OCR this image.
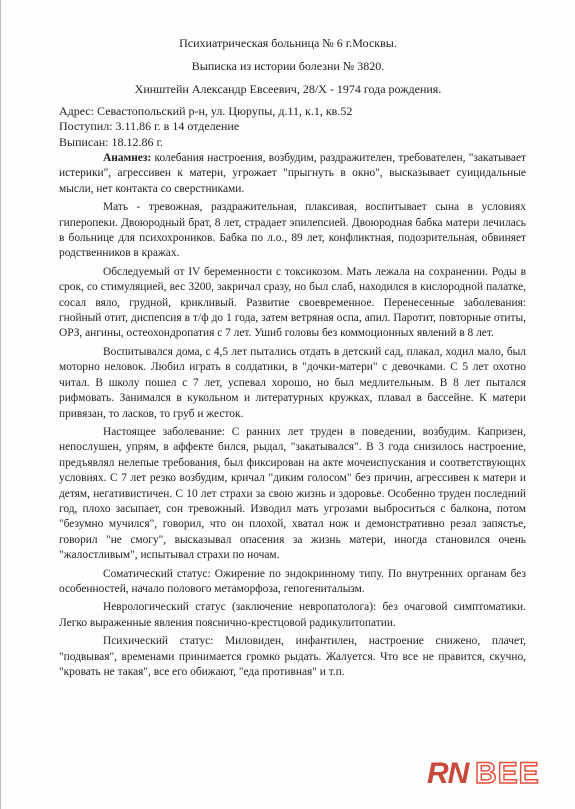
Психиатрическая больница № 6 г.Москвы.
Выписка из истории болезни № 3820.
Хинштейн Александр Евсеевич, 28/Х - 1974 года рождения.
Адрес: Севастопольский р-н, ул. Цюрупы, д.11, к.1, кв.52
Поступил: 3.11.86 г. в 14 отделение
Выписан: 18.12.86 г.

Анамнез: колебания настроения, возбудим, раздражителен, требователен, "закатывает истерики", агрессивен к матери, угрожает "прыгнуть в окно", высказывает суицидальные мысли, нет контакта со сверстниками.

Мать - тревожная, раздражительная, плаксивая, воспитывает сына в условиях гиперопеки. Двоюродный брат, 8 лет, страдает эпилепсией. Двоюродная бабка матери лечилась в больнице для психохроников. Бабка по л.о., 89 лет, конфликтная, подозрительная, обвиняет родственников в кражах.

Обследуемый от IV беременности с токсикозом. Мать лежала на сохранении. Роды в срок, со стимуляцией, вес 3200, закричал сразу, но был слаб, находился в кислородной палатке, сосал вяло, грудной, крикливый. Развитие своевременное. Перенесенные заболевания: гнойный отит, диспепсия в т/ф до 1 года, затем ветряная оспа, апил. Паротит, повторные отиты, ОРЗ, ангины, остеохондропатия с 7 лет. Ушиб головы без коммоционных явлений в 8 лет.

Воспитывался дома, с 4,5 лет пытались отдать в детский сад, плакал, ходил мало, был моторно неловок. Любил играть в солдатики, в "дочки-матери" с девочками. С 5 лет охотно читал. В школу пошел с 7 лет, успевал хорошо, но был медлительным. В 8 лет пытался рифмовать. Занимался в кукольном и литературных кружках, плавал в бассейне. К матери привязан, то ласков, то груб и жесток.

Настоящее заболевание: С ранних лет труден в поведении, возбудим. Капризен, непослушен, упрям, в аффекте бился, рыдал, "закатывался". В 3 года снизилось настроение, предъявлял нелепые требования, был фиксирован на акте мочеиспускания и соответствующих условиях. С 7 лет резко возбудим, кричал "диким голосом" без причин, агрессивен к матери и детям, негативистичен. С 10 лет страхи за свою жизнь и здоровье. Особенно труден последний год, плохо засыпает, сон тревожный. Изводил мать угрозами выброситься с балкона, потом "безумно мучился", говорил, что он плохой, хватал нож и демонстративно резал запястье, говорил "не смогу", высказывал опасения за жизнь матери, иногда становился очень "жалостливым", испытывал страхи по ночам.

Соматический статус: Ожирение по эндокринному типу. По внутренних органам без особенностей, начало полового метаморфоза, гепогениталызм.

Неврологический статус (заключение невропатолога): без очаговой симптоматики. Легко выраженные явления пояснично-крестцовой радикулитопатии.

Психический статус: Миловиден, инфантилен, настроение снижено, плачет, "подвывая", временами принимается громко рыдать. Жалуется. Что все не правится, скучно, "кровать не такая", все его обижают, "еда противная" и т.п.

RN BEE
